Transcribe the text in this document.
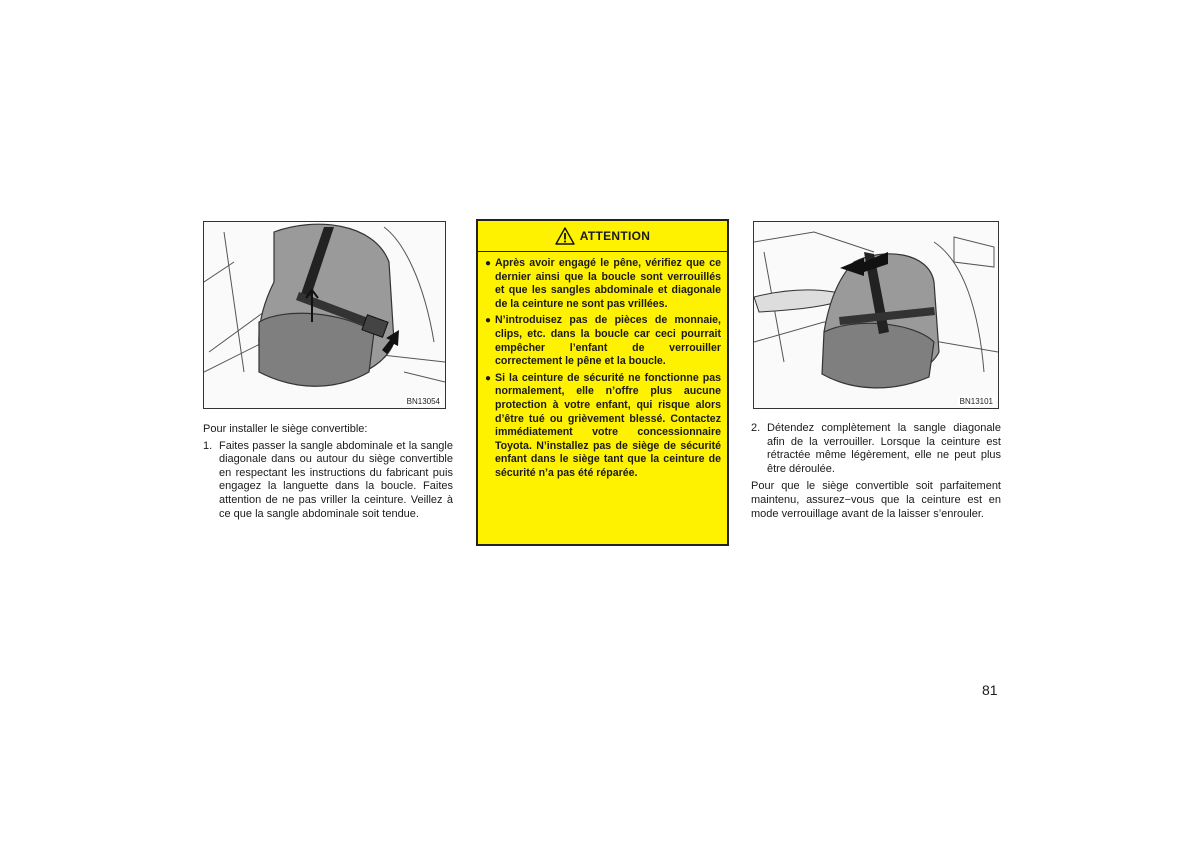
BN13054

Pour installer le siège convertible:

1. Faites passer la sangle abdominale et la sangle diagonale dans ou autour du siège convertible en respectant les instructions du fabricant puis engagez la languette dans la boucle. Faites attention de ne pas vriller la ceinture. Veillez à ce que la sangle abdominale soit tendue.
ATTENTION
● Après avoir engagé le pêne, vérifiez que ce dernier ainsi que la boucle sont verrouillés et que les sangles abdominale et diagonale de la ceinture ne sont pas vrillées.
● N’introduisez pas de pièces de monnaie, clips, etc. dans la boucle car ceci pourrait empêcher l’enfant de verrouiller correctement le pêne et la boucle.
● Si la ceinture de sécurité ne fonctionne pas normalement, elle n’offre plus aucune protection à votre enfant, qui risque alors d’être tué ou grièvement blessé. Contactez immédiatement votre concessionnaire Toyota. N’installez pas de siège de sécurité enfant dans le siège tant que la ceinture de sécurité n’a pas été réparée.
BN13101
2. Détendez complètement la sangle diagonale afin de la verrouiller. Lorsque la ceinture est rétractée même légèrement, elle ne peut plus être déroulée.

Pour que le siège convertible soit parfaitement maintenu, assurez−vous que la ceinture est en mode verrouillage avant de la laisser s’enrouler.

81
